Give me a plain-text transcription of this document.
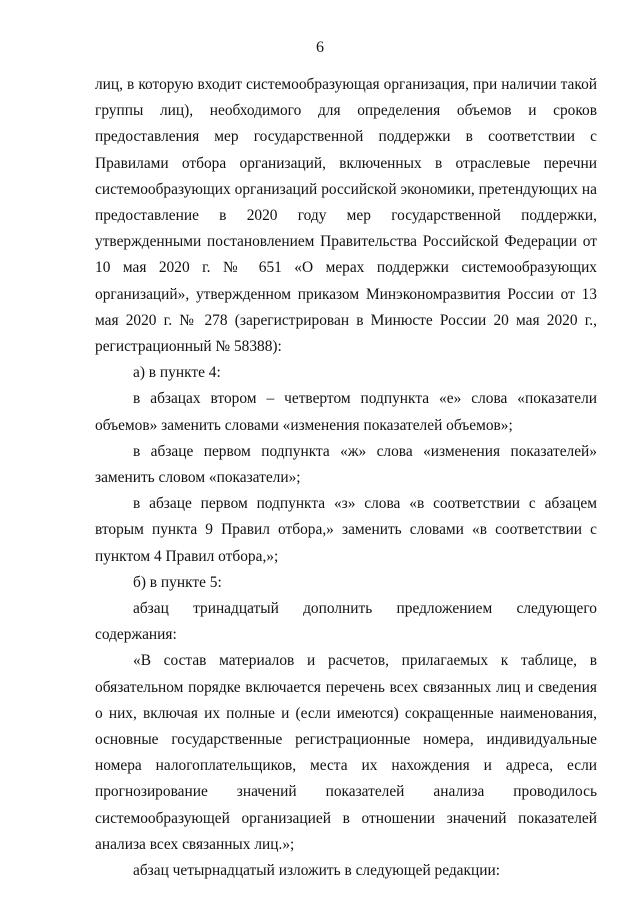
6

лиц, в которую входит системообразующая организация, при наличии такой группы лиц), необходимого для определения объемов и сроков предоставления мер государственной поддержки в соответствии с Правилами отбора организаций, включенных в отраслевые перечни системообразующих организаций российской экономики, претендующих на предоставление в 2020 году мер государственной поддержки, утвержденными постановлением Правительства Российской Федерации от 10 мая 2020 г. № 651 «О мерах поддержки системообразующих организаций», утвержденном приказом Минэкономразвития России от 13 мая 2020 г. № 278 (зарегистрирован в Минюсте России 20 мая 2020 г., регистрационный № 58388):

а) в пункте 4:

в абзацах втором – четвертом подпункта «е» слова «показатели объемов» заменить словами «изменения показателей объемов»;

в абзаце первом подпункта «ж» слова «изменения показателей» заменить словом «показатели»;

в абзаце первом подпункта «з» слова «в соответствии с абзацем вторым пункта 9 Правил отбора,» заменить словами «в соответствии с пунктом 4 Правил отбора,»;

б) в пункте 5:

абзац тринадцатый дополнить предложением следующего содержания:

«В состав материалов и расчетов, прилагаемых к таблице, в обязательном порядке включается перечень всех связанных лиц и сведения о них, включая их полные и (если имеются) сокращенные наименования, основные государственные регистрационные номера, индивидуальные номера налогоплательщиков, места их нахождения и адреса, если прогнозирование значений показателей анализа проводилось системообразующей организацией в отношении значений показателей анализа всех связанных лиц.»;

абзац четырнадцатый изложить в следующей редакции:
